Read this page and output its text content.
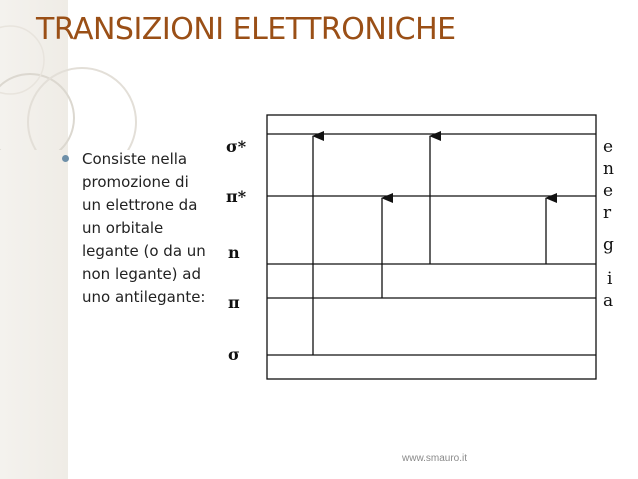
TRANSIZIONI ELETTRONICHE

Consiste nella promozione di un elettrone da un orbitale legante (o da un non legante) ad uno antilegante:

σ*
π*
n
π
σ
e
n
e
r
g
i
a
www.smauro.it
